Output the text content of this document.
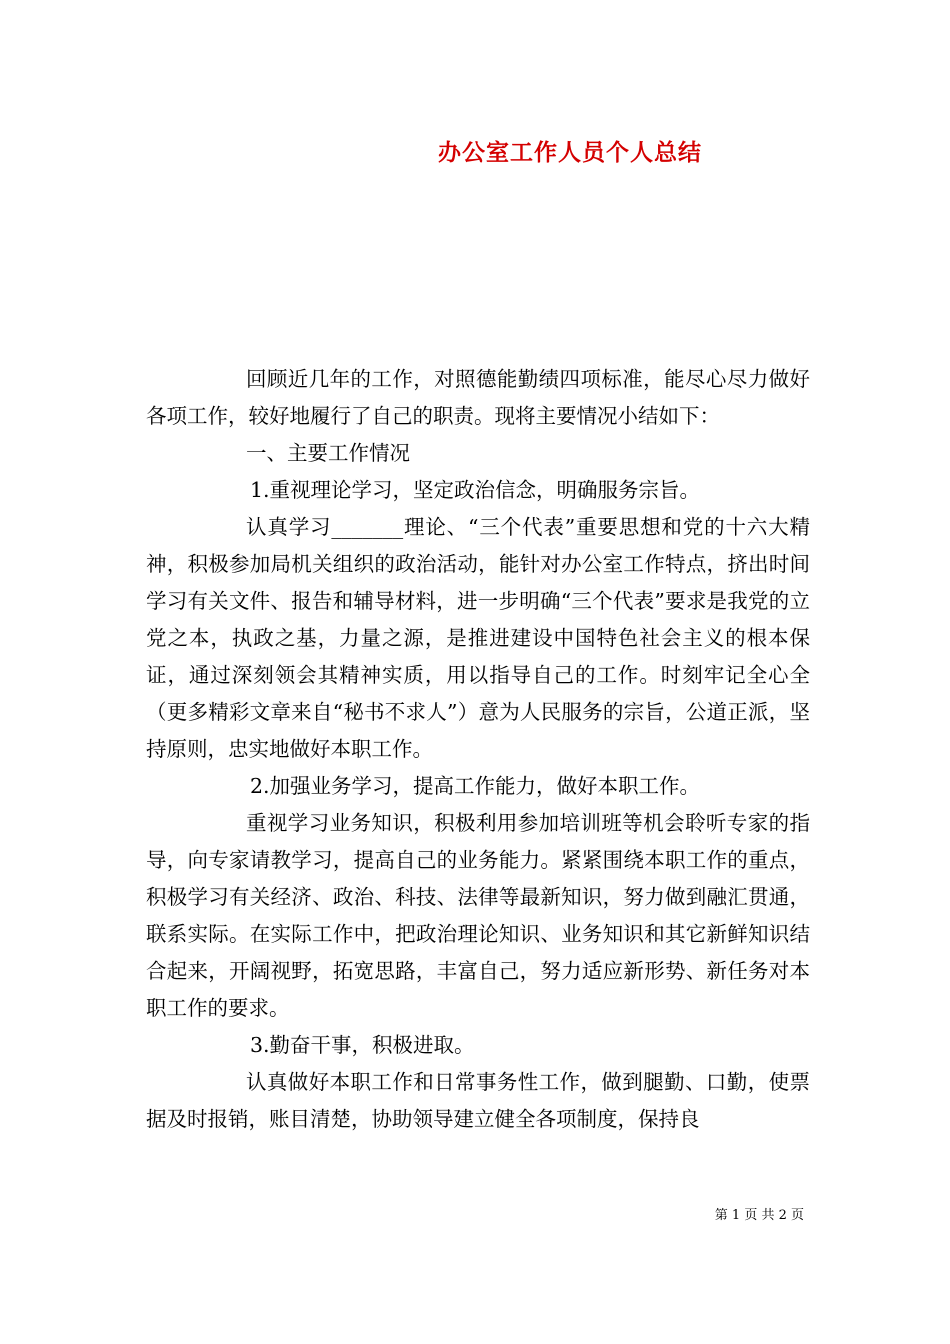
办公室工作人员个人总结

回顾近几年的工作，对照德能勤绩四项标准，能尽心尽力做好各项工作，较好地履行了自己的职责。现将主要情况小结如下：

一、主要工作情况

1.重视理论学习，坚定政治信念，明确服务宗旨。

认真学习_______理论、“三个代表”重要思想和党的十六大精神，积极参加局机关组织的政治活动，能针对办公室工作特点，挤出时间学习有关文件、报告和辅导材料，进一步明确“三个代表”要求是我党的立党之本，执政之基，力量之源，是推进建设中国特色社会主义的根本保证，通过深刻领会其精神实质，用以指导自己的工作。时刻牢记全心全（更多精彩文章来自“秘书不求人”）意为人民服务的宗旨，公道正派，坚持原则，忠实地做好本职工作。

2.加强业务学习，提高工作能力，做好本职工作。

重视学习业务知识，积极利用参加培训班等机会聆听专家的指导，向专家请教学习，提高自己的业务能力。紧紧围绕本职工作的重点，积极学习有关经济、政治、科技、法律等最新知识，努力做到融汇贯通，联系实际。在实际工作中，把政治理论知识、业务知识和其它新鲜知识结合起来，开阔视野，拓宽思路，丰富自己，努力适应新形势、新任务对本职工作的要求。

3.勤奋干事，积极进取。

认真做好本职工作和日常事务性工作，做到腿勤、口勤，使票据及时报销，账目清楚，协助领导建立健全各项制度，保持良

第 1 页 共 2 页
